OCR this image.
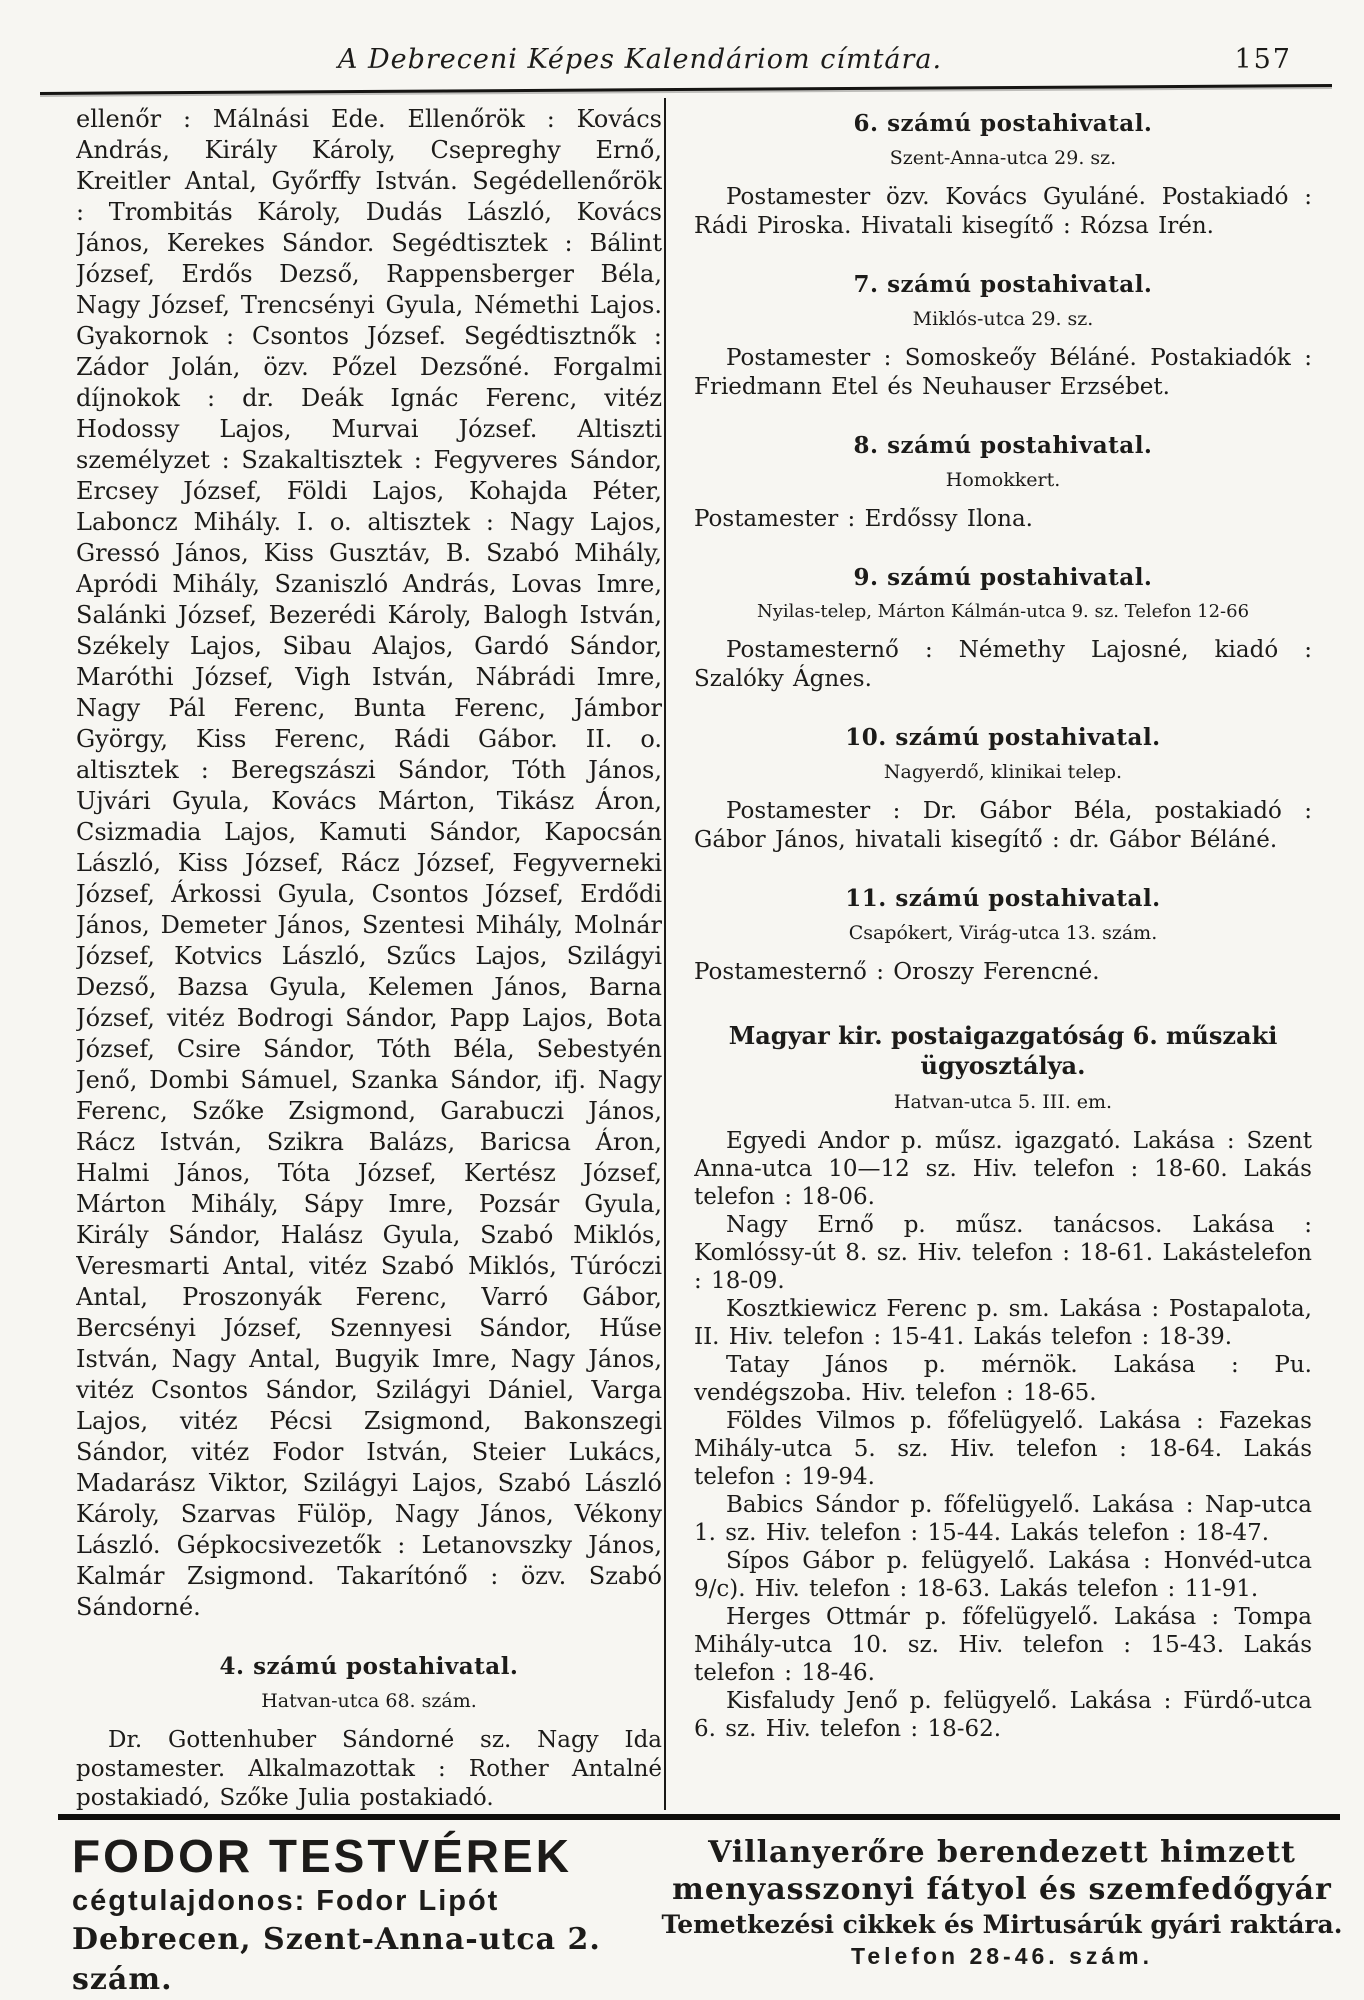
A Debreceni Képes Kalendáriom címtára.	157

ellenőr : Málnási Ede. Ellenőrök : Kovács András, Király Károly, Csepreghy Ernő, Kreitler Antal, Győrffy István. Segédellenőrök : Trombitás Károly, Dudás László, Kovács János, Kerekes Sándor. Segédtisztek : Bálint József, Erdős Dezső, Rappensberger Béla, Nagy József, Trencsényi Gyula, Némethi Lajos. Gyakornok : Csontos József. Segédtisztnők : Zádor Jolán, özv. Pőzel Dezsőné. Forgalmi díjnokok : dr. Deák Ignác Ferenc, vitéz Hodossy Lajos, Murvai József. Altiszti személyzet : Szakaltisztek : Fegyveres Sándor, Ercsey József, Földi Lajos, Kohajda Péter, Laboncz Mihály. I. o. altisztek : Nagy Lajos, Gressó János, Kiss Gusztáv, B. Szabó Mihály, Apródi Mihály, Szaniszló András, Lovas Imre, Salánki József, Bezerédi Károly, Balogh István, Székely Lajos, Sibau Alajos, Gardó Sándor, Maróthi József, Vigh István, Nábrádi Imre, Nagy Pál Ferenc, Bunta Ferenc, Jámbor György, Kiss Ferenc, Rádi Gábor. II. o. altisztek : Beregszászi Sándor, Tóth János, Ujvári Gyula, Kovács Márton, Tikász Áron, Csizmadia Lajos, Kamuti Sándor, Kapocsán László, Kiss József, Rácz József, Fegyverneki József, Árkossi Gyula, Csontos József, Erdődi János, Demeter János, Szentesi Mihály, Molnár József, Kotvics László, Szűcs Lajos, Szilágyi Dezső, Bazsa Gyula, Kelemen János, Barna József, vitéz Bodrogi Sándor, Papp Lajos, Bota József, Csire Sándor, Tóth Béla, Sebestyén Jenő, Dombi Sámuel, Szanka Sándor, ifj. Nagy Ferenc, Szőke Zsigmond, Garabuczi János, Rácz István, Szikra Balázs, Baricsa Áron, Halmi János, Tóta József, Kertész József, Márton Mihály, Sápy Imre, Pozsár Gyula, Király Sándor, Halász Gyula, Szabó Miklós, Veresmarti Antal, vitéz Szabó Miklós, Túróczi Antal, Proszonyák Ferenc, Varró Gábor, Bercsényi József, Szennyesi Sándor, Hűse István, Nagy Antal, Bugyik Imre, Nagy János, vitéz Csontos Sándor, Szilágyi Dániel, Varga Lajos, vitéz Pécsi Zsigmond, Bakonszegi Sándor, vitéz Fodor István, Steier Lukács, Madarász Viktor, Szilágyi Lajos, Szabó László Károly, Szarvas Fülöp, Nagy János, Vékony László. Gépkocsivezetők : Letanovszky János, Kalmár Zsigmond. Takarítónő : özv. Szabó Sándorné.

4. számú postahivatal.
Hatvan-utca 68. szám.

Dr. Gottenhuber Sándorné sz. Nagy Ida postamester. Alkalmazottak : Rother Antalné postakiadó, Szőke Julia postakiadó.

6. számú postahivatal.
Szent-Anna-utca 29. sz.

Postamester özv. Kovács Gyuláné. Postakiadó : Rádi Piroska. Hivatali kisegítő : Rózsa Irén.

7. számú postahivatal.
Miklós-utca 29. sz.

Postamester : Somoskeőy Béláné. Postakiadók : Friedmann Etel és Neuhauser Erzsébet.

8. számú postahivatal.
Homokkert.

Postamester : Erdőssy Ilona.

9. számú postahivatal.
Nyilas-telep, Márton Kálmán-utca 9. sz. Telefon 12-66

Postamesternő : Némethy Lajosné, kiadó : Szalóky Ágnes.

10. számú postahivatal.
Nagyerdő, klinikai telep.

Postamester : Dr. Gábor Béla, postakiadó : Gábor János, hivatali kisegítő : dr. Gábor Béláné.

11. számú postahivatal.
Csapókert, Virág-utca 13. szám.

Postamesternő : Oroszy Ferencné.

Magyar kir. postaigazgatóság 6. műszaki ügyosztálya.
Hatvan-utca 5. III. em.

Egyedi Andor p. műsz. igazgató. Lakása : Szent Anna-utca 10—12 sz. Hiv. telefon : 18-60. Lakás telefon : 18-06.

Nagy Ernő p. műsz. tanácsos. Lakása : Komlóssy-út 8. sz. Hiv. telefon : 18-61. Lakástelefon : 18-09.

Kosztkiewicz Ferenc p. sm. Lakása : Postapalota, II. Hiv. telefon : 15-41. Lakás telefon : 18-39.

Tatay János p. mérnök. Lakása : Pu. vendégszoba. Hiv. telefon : 18-65.

Földes Vilmos p. főfelügyelő. Lakása : Fazekas Mihály-utca 5. sz. Hiv. telefon : 18-64. Lakás telefon : 19-94.

Babics Sándor p. főfelügyelő. Lakása : Nap-utca 1. sz. Hiv. telefon : 15-44. Lakás telefon : 18-47.

Sípos Gábor p. felügyelő. Lakása : Honvéd-utca 9/c). Hiv. telefon : 18-63. Lakás telefon : 11-91.

Herges Ottmár p. főfelügyelő. Lakása : Tompa Mihály-utca 10. sz. Hiv. telefon : 15-43. Lakás telefon : 18-46.

Kisfaludy Jenő p. felügyelő. Lakása : Fürdő-utca 6. sz. Hiv. telefon : 18-62.

FODOR TESTVÉREK
cégtulajdonos: Fodor Lipót
Debrecen, Szent-Anna-utca 2. szám.
Villanyerőre berendezett himzett
menyasszonyi fátyol és szemfedőgyár
Temetkezési cikkek és Mirtusárúk gyári raktára.
Telefon 28-46. szám.
